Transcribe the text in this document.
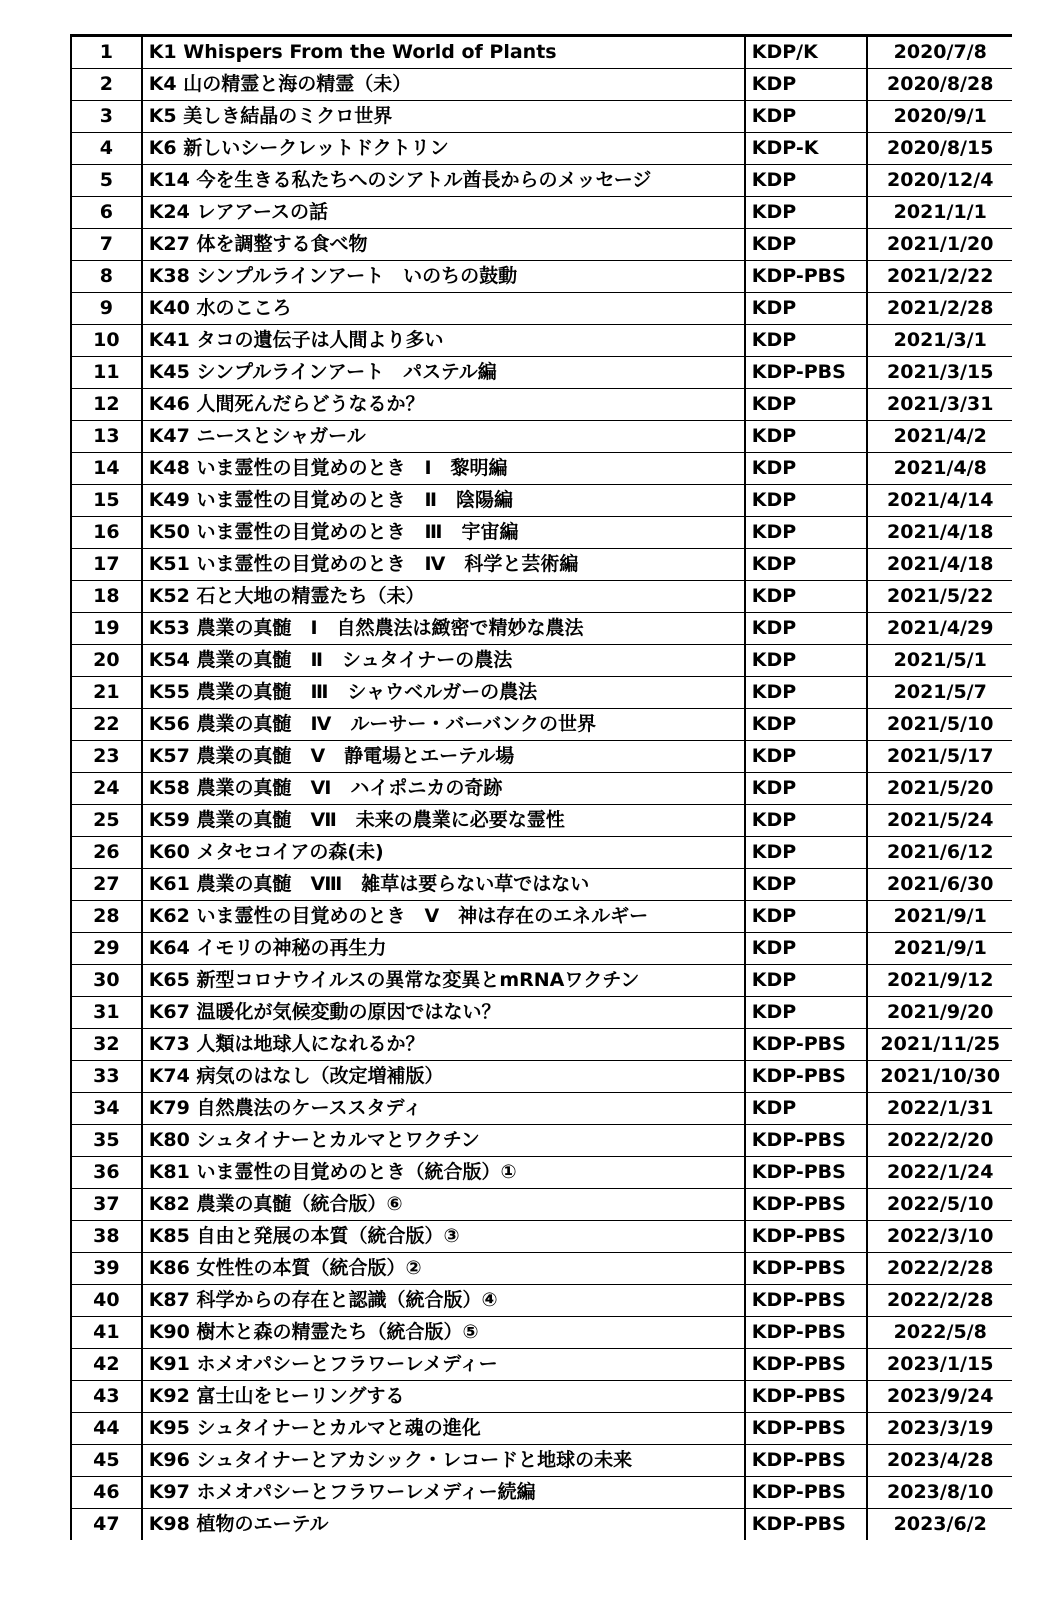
1	K1 Whispers From the World of Plants	KDP/K	2020/7/8
2	K4 山の精霊と海の精霊（未）	KDP	2020/8/28
3	K5 美しき結晶のミクロ世界	KDP	2020/9/1
4	K6 新しいシークレットドクトリン	KDP-K	2020/8/15
5	K14 今を生きる私たちへのシアトル酋長からのメッセージ	KDP	2020/12/4
6	K24 レアアースの話	KDP	2021/1/1
7	K27 体を調整する食べ物	KDP	2021/1/20
8	K38 シンプルラインアート　いのちの鼓動	KDP-PBS	2021/2/22
9	K40 水のこころ	KDP	2021/2/28
10	K41 タコの遺伝子は人間より多い	KDP	2021/3/1
11	K45 シンプルラインアート　パステル編	KDP-PBS	2021/3/15
12	K46 人間死んだらどうなるか？	KDP	2021/3/31
13	K47 ニースとシャガール	KDP	2021/4/2
14	K48 いま霊性の目覚めのとき　Ⅰ　黎明編	KDP	2021/4/8
15	K49 いま霊性の目覚めのとき　Ⅱ　陰陽編	KDP	2021/4/14
16	K50 いま霊性の目覚めのとき　Ⅲ　宇宙編	KDP	2021/4/18
17	K51 いま霊性の目覚めのとき　Ⅳ　科学と芸術編	KDP	2021/4/18
18	K52 石と大地の精霊たち（未）	KDP	2021/5/22
19	K53 農業の真髄　Ⅰ　自然農法は緻密で精妙な農法	KDP	2021/4/29
20	K54 農業の真髄　Ⅱ　シュタイナーの農法	KDP	2021/5/1
21	K55 農業の真髄　Ⅲ　シャウベルガーの農法	KDP	2021/5/7
22	K56 農業の真髄　Ⅳ　ルーサー・バーバンクの世界	KDP	2021/5/10
23	K57 農業の真髄　Ⅴ　静電場とエーテル場	KDP	2021/5/17
24	K58 農業の真髄　Ⅵ　ハイポニカの奇跡	KDP	2021/5/20
25	K59 農業の真髄　Ⅶ　未来の農業に必要な霊性	KDP	2021/5/24
26	K60 メタセコイアの森(未)	KDP	2021/6/12
27	K61 農業の真髄　Ⅷ　雑草は要らない草ではない	KDP	2021/6/30
28	K62 いま霊性の目覚めのとき　Ⅴ　神は存在のエネルギー	KDP	2021/9/1
29	K64 イモリの神秘の再生力	KDP	2021/9/1
30	K65 新型コロナウイルスの異常な変異とmRNAワクチン	KDP	2021/9/12
31	K67 温暖化が気候変動の原因ではない？	KDP	2021/9/20
32	K73 人類は地球人になれるか？	KDP-PBS	2021/11/25
33	K74 病気のはなし（改定増補版）	KDP-PBS	2021/10/30
34	K79 自然農法のケーススタディ	KDP	2022/1/31
35	K80 シュタイナーとカルマとワクチン	KDP-PBS	2022/2/20
36	K81 いま霊性の目覚めのとき（統合版）①	KDP-PBS	2022/1/24
37	K82 農業の真髄（統合版）⑥	KDP-PBS	2022/5/10
38	K85 自由と発展の本質（統合版）③	KDP-PBS	2022/3/10
39	K86 女性性の本質（統合版）②	KDP-PBS	2022/2/28
40	K87 科学からの存在と認識（統合版）④	KDP-PBS	2022/2/28
41	K90 樹木と森の精霊たち（統合版）⑤	KDP-PBS	2022/5/8
42	K91 ホメオパシーとフラワーレメディー	KDP-PBS	2023/1/15
43	K92 富士山をヒーリングする	KDP-PBS	2023/9/24
44	K95 シュタイナーとカルマと魂の進化	KDP-PBS	2023/3/19
45	K96 シュタイナーとアカシック・レコードと地球の未来	KDP-PBS	2023/4/28
46	K97 ホメオパシーとフラワーレメディー続編	KDP-PBS	2023/8/10
47	K98 植物のエーテル	KDP-PBS	2023/6/2
